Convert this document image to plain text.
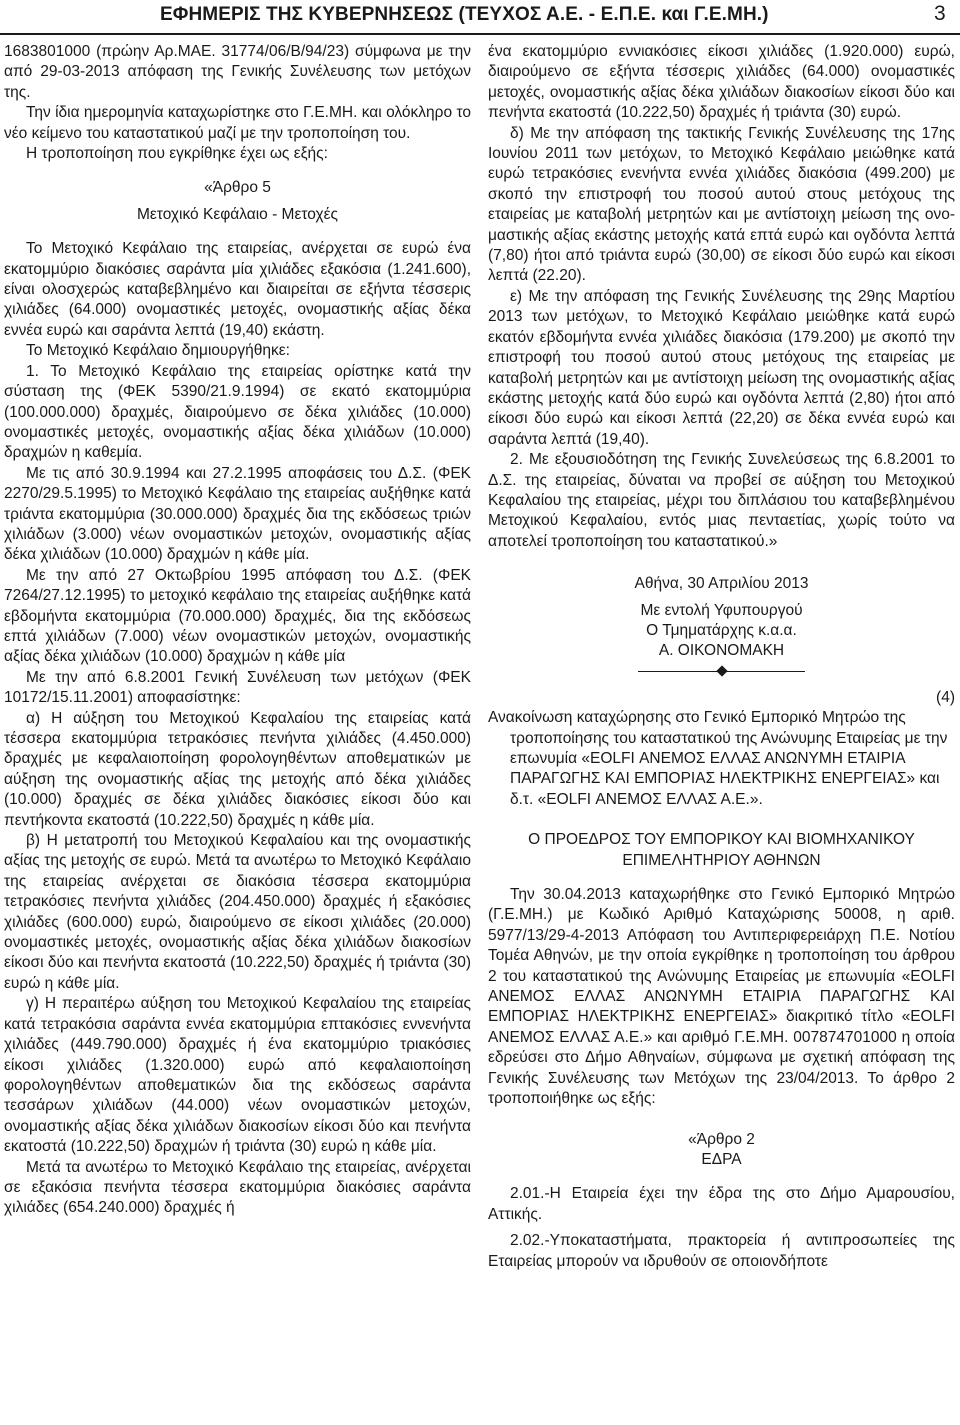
ΕΦΗΜΕΡΙΣ ΤΗΣ ΚΥΒΕΡΝΗΣΕΩΣ (ΤΕΥΧΟΣ Α.Ε. - Ε.Π.Ε. και Γ.Ε.ΜΗ.)	3

1683801000 (πρώην Αρ.ΜΑΕ. 31774/06/Β/94/23) σύμφωνα με την από 29-03-2013 απόφαση της Γενικής Συνέλευσης των μετόχων της.

Την ίδια ημερομηνία καταχωρίστηκε στο Γ.Ε.ΜΗ. και ολόκληρο το νέο κείμενο του καταστατικού μαζί με την τροποποίηση του.

Η τροποποίηση που εγκρίθηκε έχει ως εξής:

«Άρθρο 5

Μετοχικό Κεφάλαιο - Μετοχές

Το Μετοχικό Κεφάλαιο της εταιρείας, ανέρχεται σε ευρώ ένα εκατομμύριο διακόσιες σαράντα μία χιλιάδες εξακόσια (1.241.600), είναι ολοσχερώς καταβεβλημένο και διαιρείται σε εξήντα τέσσερις χιλιάδες (64.000) ονομαστικές μετοχές, ονομαστικής αξίας δέκα εννέα ευρώ και σαράντα λεπτά (19,40) εκάστη.

Το Μετοχικό Κεφάλαιο δημιουργήθηκε:

1. Το Μετοχικό Κεφάλαιο της εταιρείας ορίστηκε κατά την σύσταση της (ΦΕΚ 5390/21.9.1994) σε εκατό εκατομμύρια (100.000.000) δραχμές, διαιρούμενο σε δέκα χιλιάδες (10.000) ονομαστικές μετοχές, ονομαστικής αξίας δέκα χιλιάδων (10.000) δραχμών η καθεμία.

Με τις από 30.9.1994 και 27.2.1995 αποφάσεις του Δ.Σ. (ΦΕΚ 2270/29.5.1995) το Μετοχικό Κεφάλαιο της εταιρείας αυξήθηκε κατά τριάντα εκατομμύρια (30.000.000) δραχμές δια της εκδόσεως τριών χιλιάδων (3.000) νέων ονομαστικών μετοχών, ονομαστικής αξίας δέκα χιλιάδων (10.000) δραχμών η κάθε μία.

Με την από 27 Οκτωβρίου 1995 απόφαση του Δ.Σ. (ΦΕΚ 7264/27.12.1995) το μετοχικό κεφάλαιο της εταιρείας αυξήθηκε κατά εβδομήντα εκατομμύρια (70.000.000) δραχμές, δια της εκδόσεως επτά χιλιάδων (7.000) νέων ονομαστικών μετοχών, ονομαστικής αξίας δέκα χιλιάδων (10.000) δραχμών η κάθε μία

Με την από 6.8.2001 Γενική Συνέλευση των μετόχων (ΦΕΚ 10172/15.11.2001) αποφασίστηκε:

α) Η αύξηση του Μετοχικού Κεφαλαίου της εταιρείας κατά τέσσερα εκατομμύρια τετρακόσιες πενήντα χιλιάδες (4.450.000) δραχμές με κεφαλαιοποίηση φορολογηθέντων αποθεματικών με αύξηση της ονομαστικής αξίας της μετοχής από δέκα χιλιάδες (10.000) δραχμές σε δέκα χιλιάδες διακόσιες είκοσι δύο και πεντήκοντα εκατοστά (10.222,50) δραχμές η κάθε μία.

β) Η μετατροπή του Μετοχικού Κεφαλαίου και της ονομαστικής αξίας της μετοχής σε ευρώ. Μετά τα ανωτέρω το Μετοχικό Κεφάλαιο της εταιρείας ανέρχεται σε διακόσια τέσσερα εκατομμύρια τετρακόσιες πενήντα χιλιάδες (204.450.000) δραχμές ή εξακόσιες χιλιάδες (600.000) ευρώ, διαιρούμενο σε είκοσι χιλιάδες (20.000) ονομαστικές μετοχές, ονομαστικής αξίας δέκα χιλιάδων διακοσίων είκοσι δύο και πενήντα εκατοστά (10.222,50) δραχμές ή τριάντα (30) ευρώ η κάθε μία.

γ) Η περαιτέρω αύξηση του Μετοχικού Κεφαλαίου της εταιρείας κατά τετρακόσια σαράντα εννέα εκατομμύρια επτακόσιες εννενήντα χιλιάδες (449.790.000) δραχμές ή ένα εκατομμύριο τριακόσιες είκοσι χιλιάδες (1.320.000) ευρώ από κεφαλαιοποίηση φορολογηθέντων αποθεματικών δια της εκδόσεως σαράντα τεσσάρων χιλιάδων (44.000) νέων ονομαστικών μετοχών, ονομαστικής αξίας δέκα χιλιάδων διακοσίων είκοσι δύο και πενήντα εκατοστά (10.222,50) δραχμών ή τριάντα (30) ευρώ η κάθε μία.

Μετά τα ανωτέρω το Μετοχικό Κεφάλαιο της εταιρείας, ανέρχεται σε εξακόσια πενήντα τέσσερα εκατομμύρια διακόσιες σαράντα χιλιάδες (654.240.000) δραχμές ή

ένα εκατομμύριο εννιακόσιες είκοσι χιλιάδες (1.920.000) ευρώ, διαιρούμενο σε εξήντα τέσσερις χιλιάδες (64.000) ονομαστικές μετοχές, ονομαστικής αξίας δέκα χιλιάδων διακοσίων είκοσι δύο και πενήντα εκατοστά (10.222,50) δραχμές ή τριάντα (30) ευρώ.

δ) Με την απόφαση της τακτικής Γενικής Συνέλευσης της 17ης Ιουνίου 2011 των μετόχων, το Μετοχικό Κεφάλαιο μειώθηκε κατά ευρώ τετρακόσιες ενενήντα εννέα χιλιάδες διακόσια (499.200) με σκοπό την επιστροφή του ποσού αυτού στους μετόχους της εταιρείας με καταβολή μετρητών και με αντίστοιχη μείωση της ονομαστικής αξίας εκάστης μετοχής κατά επτά ευρώ και ογδόντα λεπτά (7,80) ήτοι από τριάντα ευρώ (30,00) σε είκοσι δύο ευρώ και είκοσι λεπτά (22.20).

ε) Με την απόφαση της Γενικής Συνέλευσης της 29ης Μαρτίου 2013 των μετόχων, το Μετοχικό Κεφάλαιο μειώθηκε κατά ευρώ εκατόν εβδομήντα εννέα χιλιάδες διακόσια (179.200) με σκοπό την επιστροφή του ποσού αυτού στους μετόχους της εταιρείας με καταβολή μετρητών και με αντίστοιχη μείωση της ονομαστικής αξίας εκάστης μετοχής κατά δύο ευρώ και ογδόντα λεπτά (2,80) ήτοι από είκοσι δύο ευρώ και είκοσι λεπτά (22,20) σε δέκα εννέα ευρώ και σαράντα λεπτά (19,40).

2. Με εξουσιοδότηση της Γενικής Συνελεύσεως της 6.8.2001 το Δ.Σ. της εταιρείας, δύναται να προβεί σε αύξηση του Μετοχικού Κεφαλαίου της εταιρείας, μέχρι του διπλάσιου του καταβεβλημένου Μετοχικού Κεφαλαίου, εντός μιας πενταετίας, χωρίς τούτο να αποτελεί τροποποίηση του καταστατικού.»

Αθήνα, 30 Απριλίου 2013

Με εντολή Υφυπουργού

Ο Τμηματάρχης κ.α.α.

Α. ΟΙΚΟΝΟΜΑΚΗ

(4)

Ανακοίνωση καταχώρησης στο Γενικό Εμπορικό Μητρώο της τροποποίησης του καταστατικού της Ανώνυμης Εταιρείας με την επωνυμία «EOLFI ΑΝΕΜΟΣ ΕΛΛΑΣ ΑΝΩΝΥΜΗ ΕΤΑΙΡΙΑ ΠΑΡΑΓΩΓΗΣ ΚΑΙ ΕΜΠΟΡΙΑΣ ΗΛΕΚΤΡΙΚΗΣ ΕΝΕΡΓΕΙΑΣ» και δ.τ. «EOLFI ΑΝΕΜΟΣ ΕΛΛΑΣ Α.Ε.».

Ο ΠΡΟΕΔΡΟΣ ΤΟΥ ΕΜΠΟΡΙΚΟΥ ΚΑΙ ΒΙΟΜΗΧΑΝΙΚΟΥ

ΕΠΙΜΕΛΗΤΗΡΙΟΥ ΑΘΗΝΩΝ

Την 30.04.2013 καταχωρήθηκε στο Γενικό Εμπορικό Μητρώο (Γ.Ε.ΜΗ.) με Κωδικό Αριθμό Καταχώρισης 50008, η αριθ. 5977/13/29-4-2013 Απόφαση του Αντιπεριφερειάρχη Π.Ε. Νοτίου Τομέα Αθηνών, με την οποία εγκρίθηκε η τροποποίηση του άρθρου 2 του καταστατικού της Ανώνυμης Εταιρείας με επωνυμία «EOLFI ΑΝΕΜΟΣ ΕΛΛΑΣ ΑΝΩΝΥΜΗ ΕΤΑΙΡΙΑ ΠΑΡΑΓΩΓΗΣ ΚΑΙ ΕΜΠΟΡΙΑΣ ΗΛΕΚΤΡΙΚΗΣ ΕΝΕΡΓΕΙΑΣ» διακριτικό τίτλο «EOLFI ΑΝΕΜΟΣ ΕΛΛΑΣ Α.Ε.» και αριθμό Γ.Ε.ΜΗ. 007874701000 η οποία εδρεύσει στο Δήμο Αθηναίων, σύμφωνα με σχετική απόφαση της Γενικής Συνέλευσης των Μετόχων της 23/04/2013. Το άρθρο 2 τροποποιήθηκε ως εξής:

«Άρθρο 2

ΕΔΡΑ

2.01.-Η Εταιρεία έχει την έδρα της στο Δήμο Αμαρουσίου, Αττικής.

2.02.-Υποκαταστήματα, πρακτορεία ή αντιπροσωπείες της Εταιρείας μπορούν να ιδρυθούν σε οποιονδήποτε
